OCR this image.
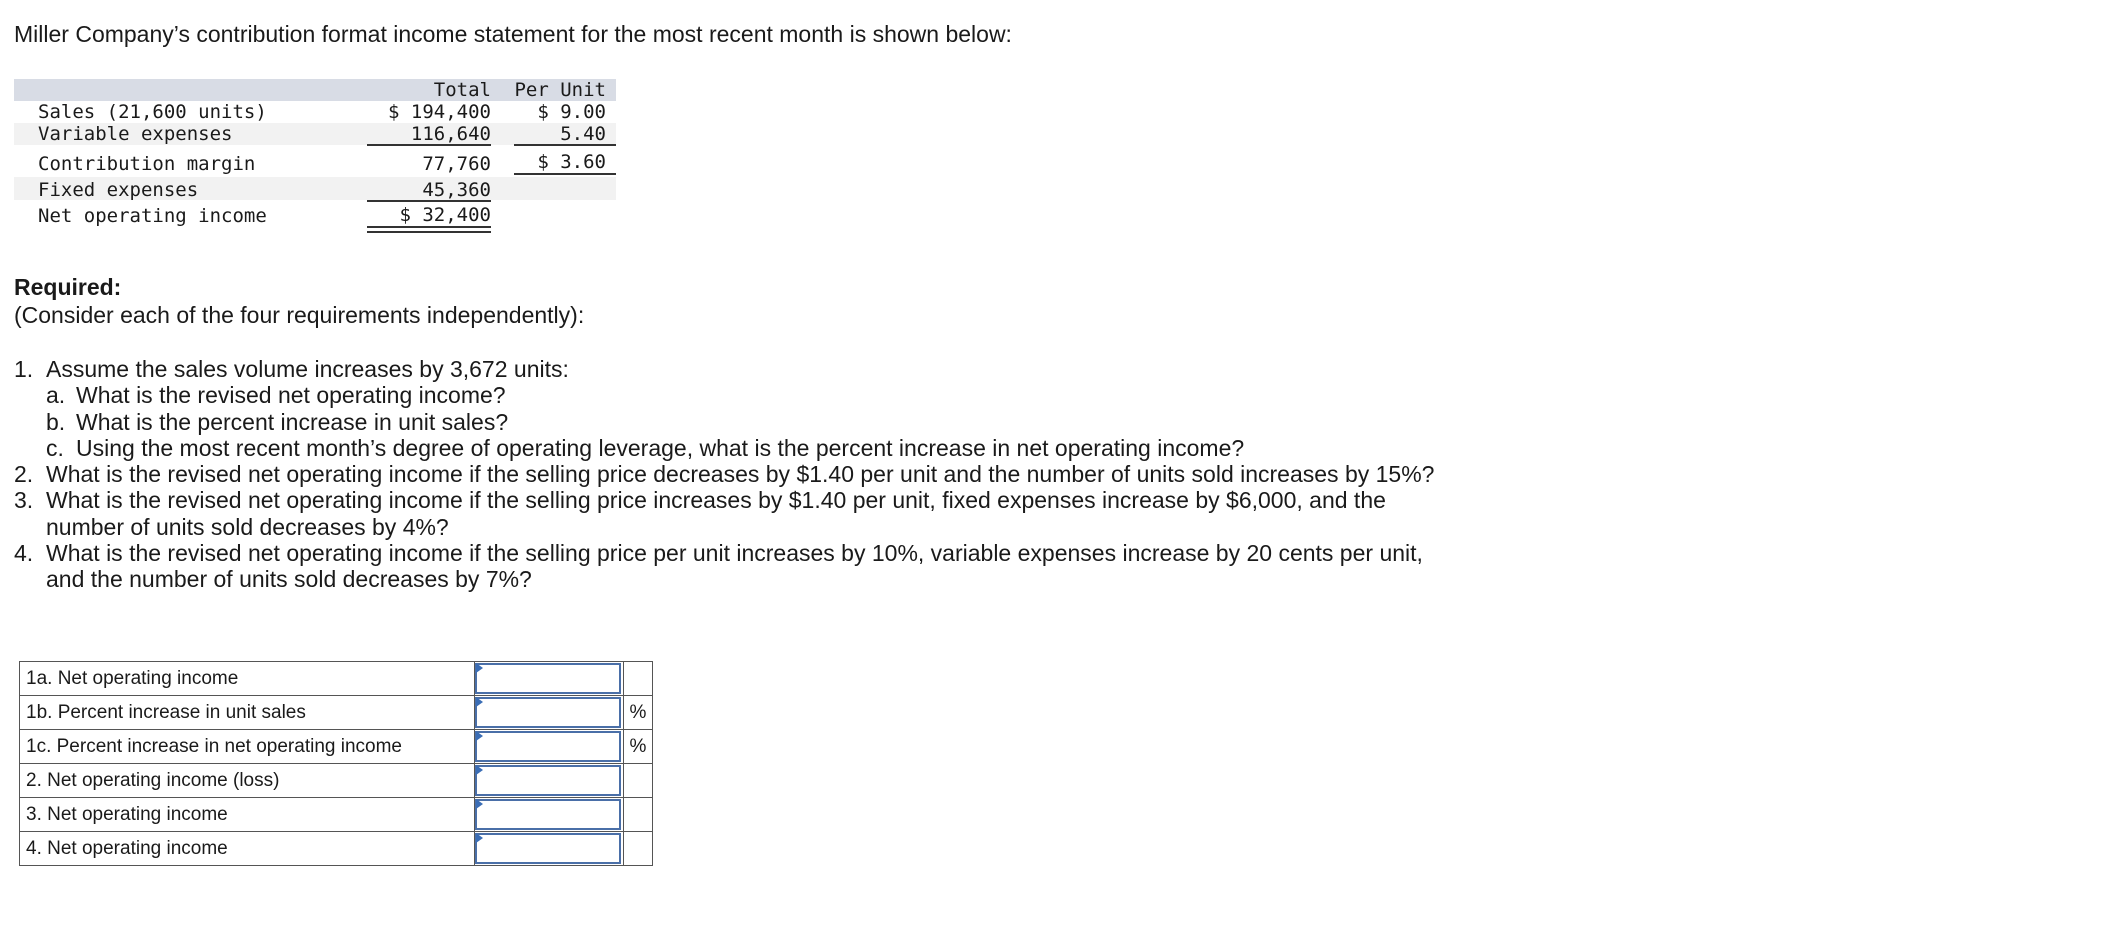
Miller Company’s contribution format income statement for the most recent month is shown below:
Total Per Unit
Sales (21,600 units)	$ 194,400	$ 9.00
Variable expenses	116,640	5.40
Contribution margin	77,760	$ 3.60
Fixed expenses	45,360
Net operating income	$ 32,400
Required:
(Consider each of the four requirements independently):
1. Assume the sales volume increases by 3,672 units:
a. What is the revised net operating income?
b. What is the percent increase in unit sales?
c. Using the most recent month’s degree of operating leverage, what is the percent increase in net operating income?
2. What is the revised net operating income if the selling price decreases by $1.40 per unit and the number of units sold increases by 15%?
3. What is the revised net operating income if the selling price increases by $1.40 per unit, fixed expenses increase by $6,000, and the number of units sold decreases by 4%?
4. What is the revised net operating income if the selling price per unit increases by 10%, variable expenses increase by 20 cents per unit, and the number of units sold decreases by 7%?
1a. Net operating income	

1b. Percent increase in unit sales		%
1c. Percent increase in net operating income		%
2. Net operating income (loss)	

3. Net operating income	

4. Net operating income	
